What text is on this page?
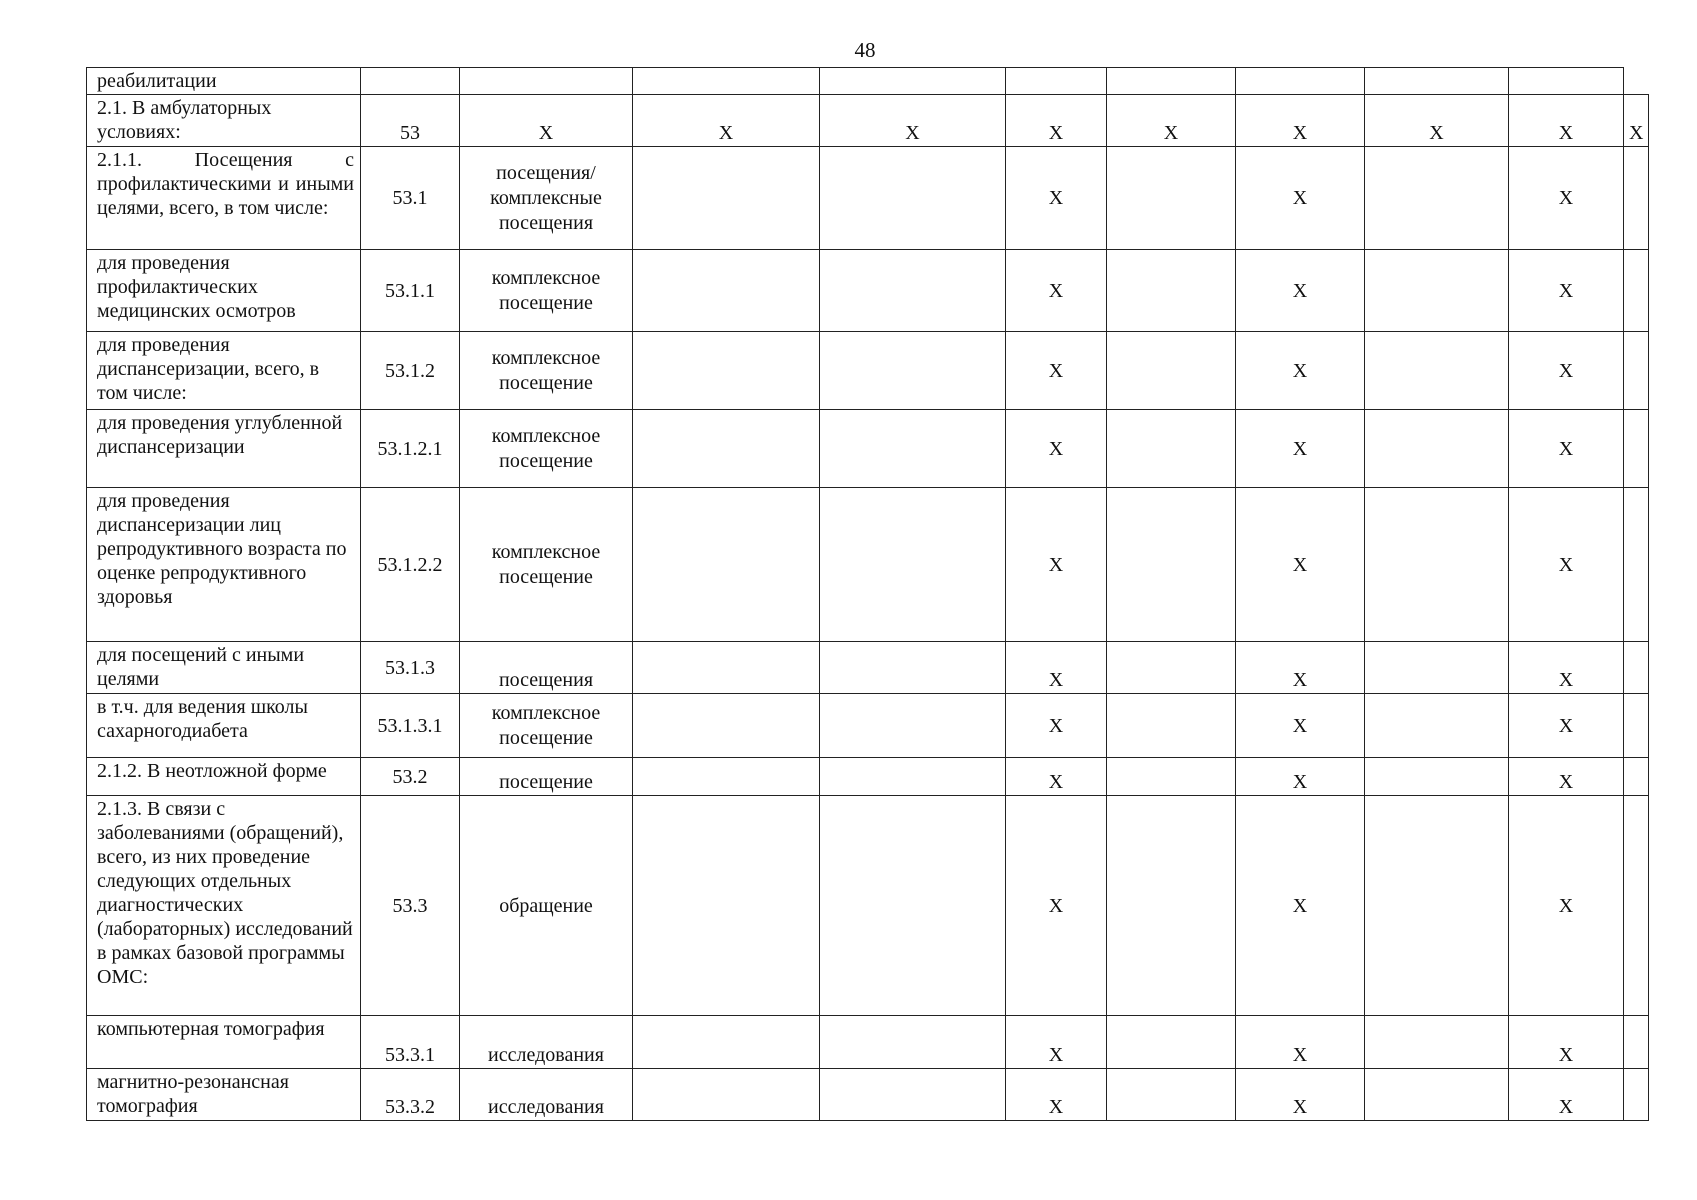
48
реабилитации										
2.1. В амбулаторных условиях:	53	Х	Х	Х	Х	Х	Х	Х	Х	Х
2.1.1. Посещения с профилактическими и иными целями, всего, в том числе:	53.1	посещения/ комплексные посещения			Х		Х		Х	
для проведения профилактических медицинских осмотров	53.1.1	комплексное посещение			Х		Х		Х	
для проведения диспансеризации, всего, в том числе:	53.1.2	комплексное посещение			Х		Х		Х	
для проведения углубленной диспансеризации	53.1.2.1	комплексное посещение			Х		Х		Х	
для проведения диспансеризации лиц репродуктивного возраста по оценке репродуктивного здоровья	53.1.2.2	комплексное посещение			Х		Х		Х	
для посещений с иными целями	53.1.3	посещения			Х		Х		Х	
в т.ч. для ведения школы сахарногодиабета	53.1.3.1	комплексное посещение			Х		Х		Х	
2.1.2. В неотложной форме	53.2	посещение			Х		Х		Х	
2.1.3. В связи с заболеваниями (обращений), всего, из них проведение следующих отдельных диагностических (лабораторных) исследований в рамках базовой программы ОМС:	53.3	обращение			Х		Х		Х	
компьютерная томография	53.3.1	исследования			Х		Х		Х	
магнитно-резонансная томография	53.3.2	исследования			Х		Х		Х	
